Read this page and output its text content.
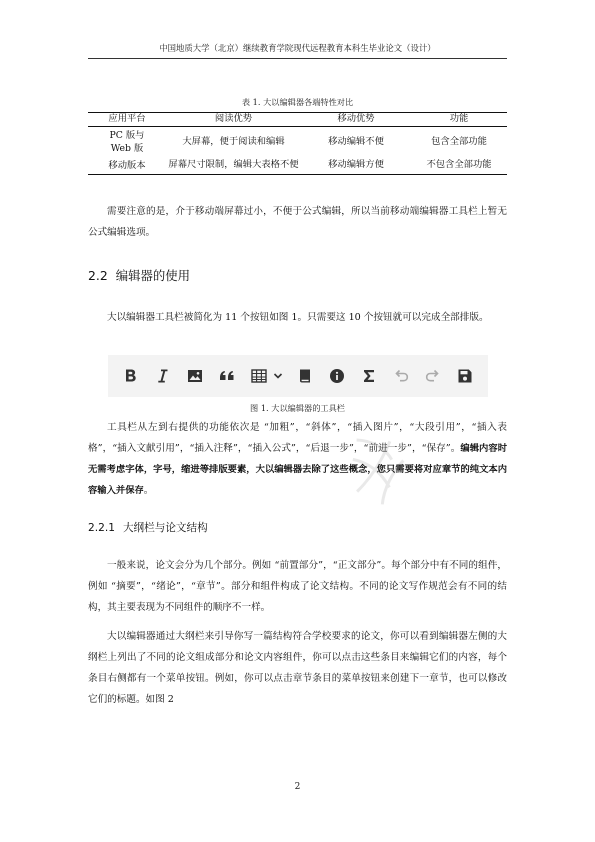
中国地质大学（北京）继续教育学院现代远程教育本科生毕业论文（设计）
表 1. 大以编辑器各端特性对比
应用平台	阅读优势	移动优势	功能
PC 版与 Web 版	大屏幕，便于阅读和编辑	移动编辑不便	包含全部功能
移动版本	屏幕尺寸限制，编辑大表格不便	移动编辑方便	不包含全部功能

需要注意的是，介于移动端屏幕过小，不便于公式编辑，所以当前移动端编辑器工具栏上暂无公式编辑选项。

2.2 编辑器的使用

大以编辑器工具栏被简化为 11 个按钮如图 1。只需要这 10 个按钮就可以完成全部排版。

图 1. 大以编辑器的工具栏

工具栏从左到右提供的功能依次是 “加粗”，“斜体”，“插入图片”，“大段引用”，“插入表格”，“插入文献引用”，“插入注释”，“插入公式”，“后退一步”，“前进一步”，“保存”。编辑内容时无需考虑字体，字号，缩进等排版要素，大以编辑器去除了这些概念，您只需要将对应章节的纯文本内容输入并保存。

2.2.1 大纲栏与论文结构

一般来说，论文会分为几个部分。例如 “前置部分”，“正文部分”。每个部分中有不同的组件，例如 “摘要”，“绪论”，“章节”。部分和组件构成了论文结构。不同的论文写作规范会有不同的结构，其主要表现为不同组件的顺序不一样。

大以编辑器通过大纲栏来引导你写一篇结构符合学校要求的论文，你可以看到编辑器左侧的大纲栏上列出了不同的论文组成部分和论文内容组件，你可以点击这些条目来编辑它们的内容，每个条目右侧都有一个菜单按钮。例如，你可以点击章节条目的菜单按钮来创建下一章节，也可以修改它们的标题。如图 2

2
